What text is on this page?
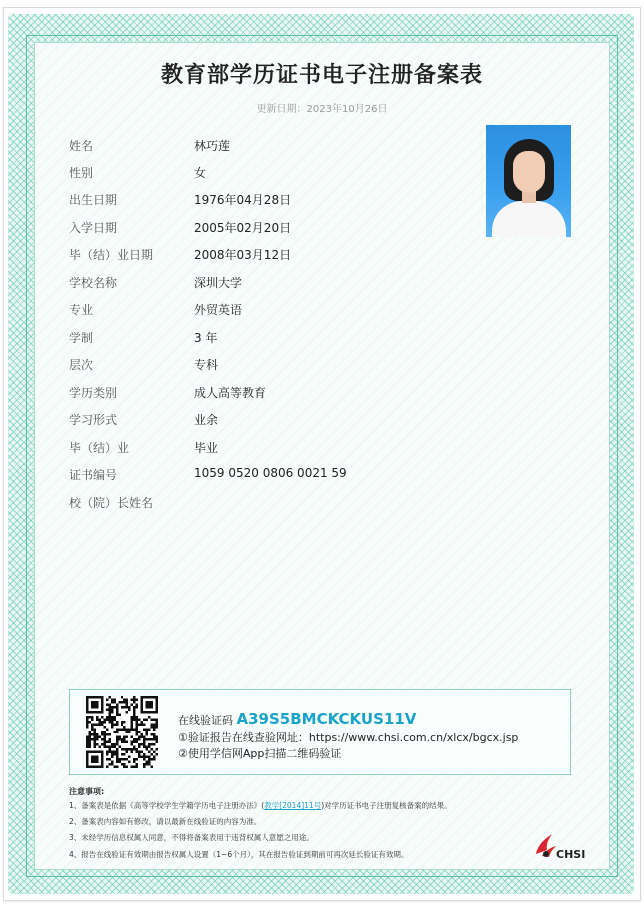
教育部学历证书电子注册备案表
更新日期：2023年10月26日
姓名	林巧莲
性别	女
出生日期	1976年04月28日
入学日期	2005年02月20日
毕（结）业日期	2008年03月12日
学校名称	深圳大学
专业	外贸英语
学制	3 年
层次	专科
学历类别	成人高等教育
学习形式	业余
毕（结）业	毕业
证书编号	1059 0520 0806 0021 59
校（院）长姓名
在线验证码 A39S5BMCKCKUS11V
①验证报告在线查验网址：https://www.chsi.com.cn/xlcx/bgcx.jsp
②使用学信网App扫描二维码验证
注意事项:
1、备案表是依据《高等学校学生学籍学历电子注册办法》(教学[2014]11号)对学历证书电子注册复核备案的结果。
2、备案表内容如有修改，请以最新在线验证的内容为准。
3、未经学历信息权属人同意，不得将备案表用于违背权属人意愿之用途。
4、报告在线验证有效期由报告权属人设置（1~6个月），其在报告验证到期前可再次延长验证有效期。	CHSI
